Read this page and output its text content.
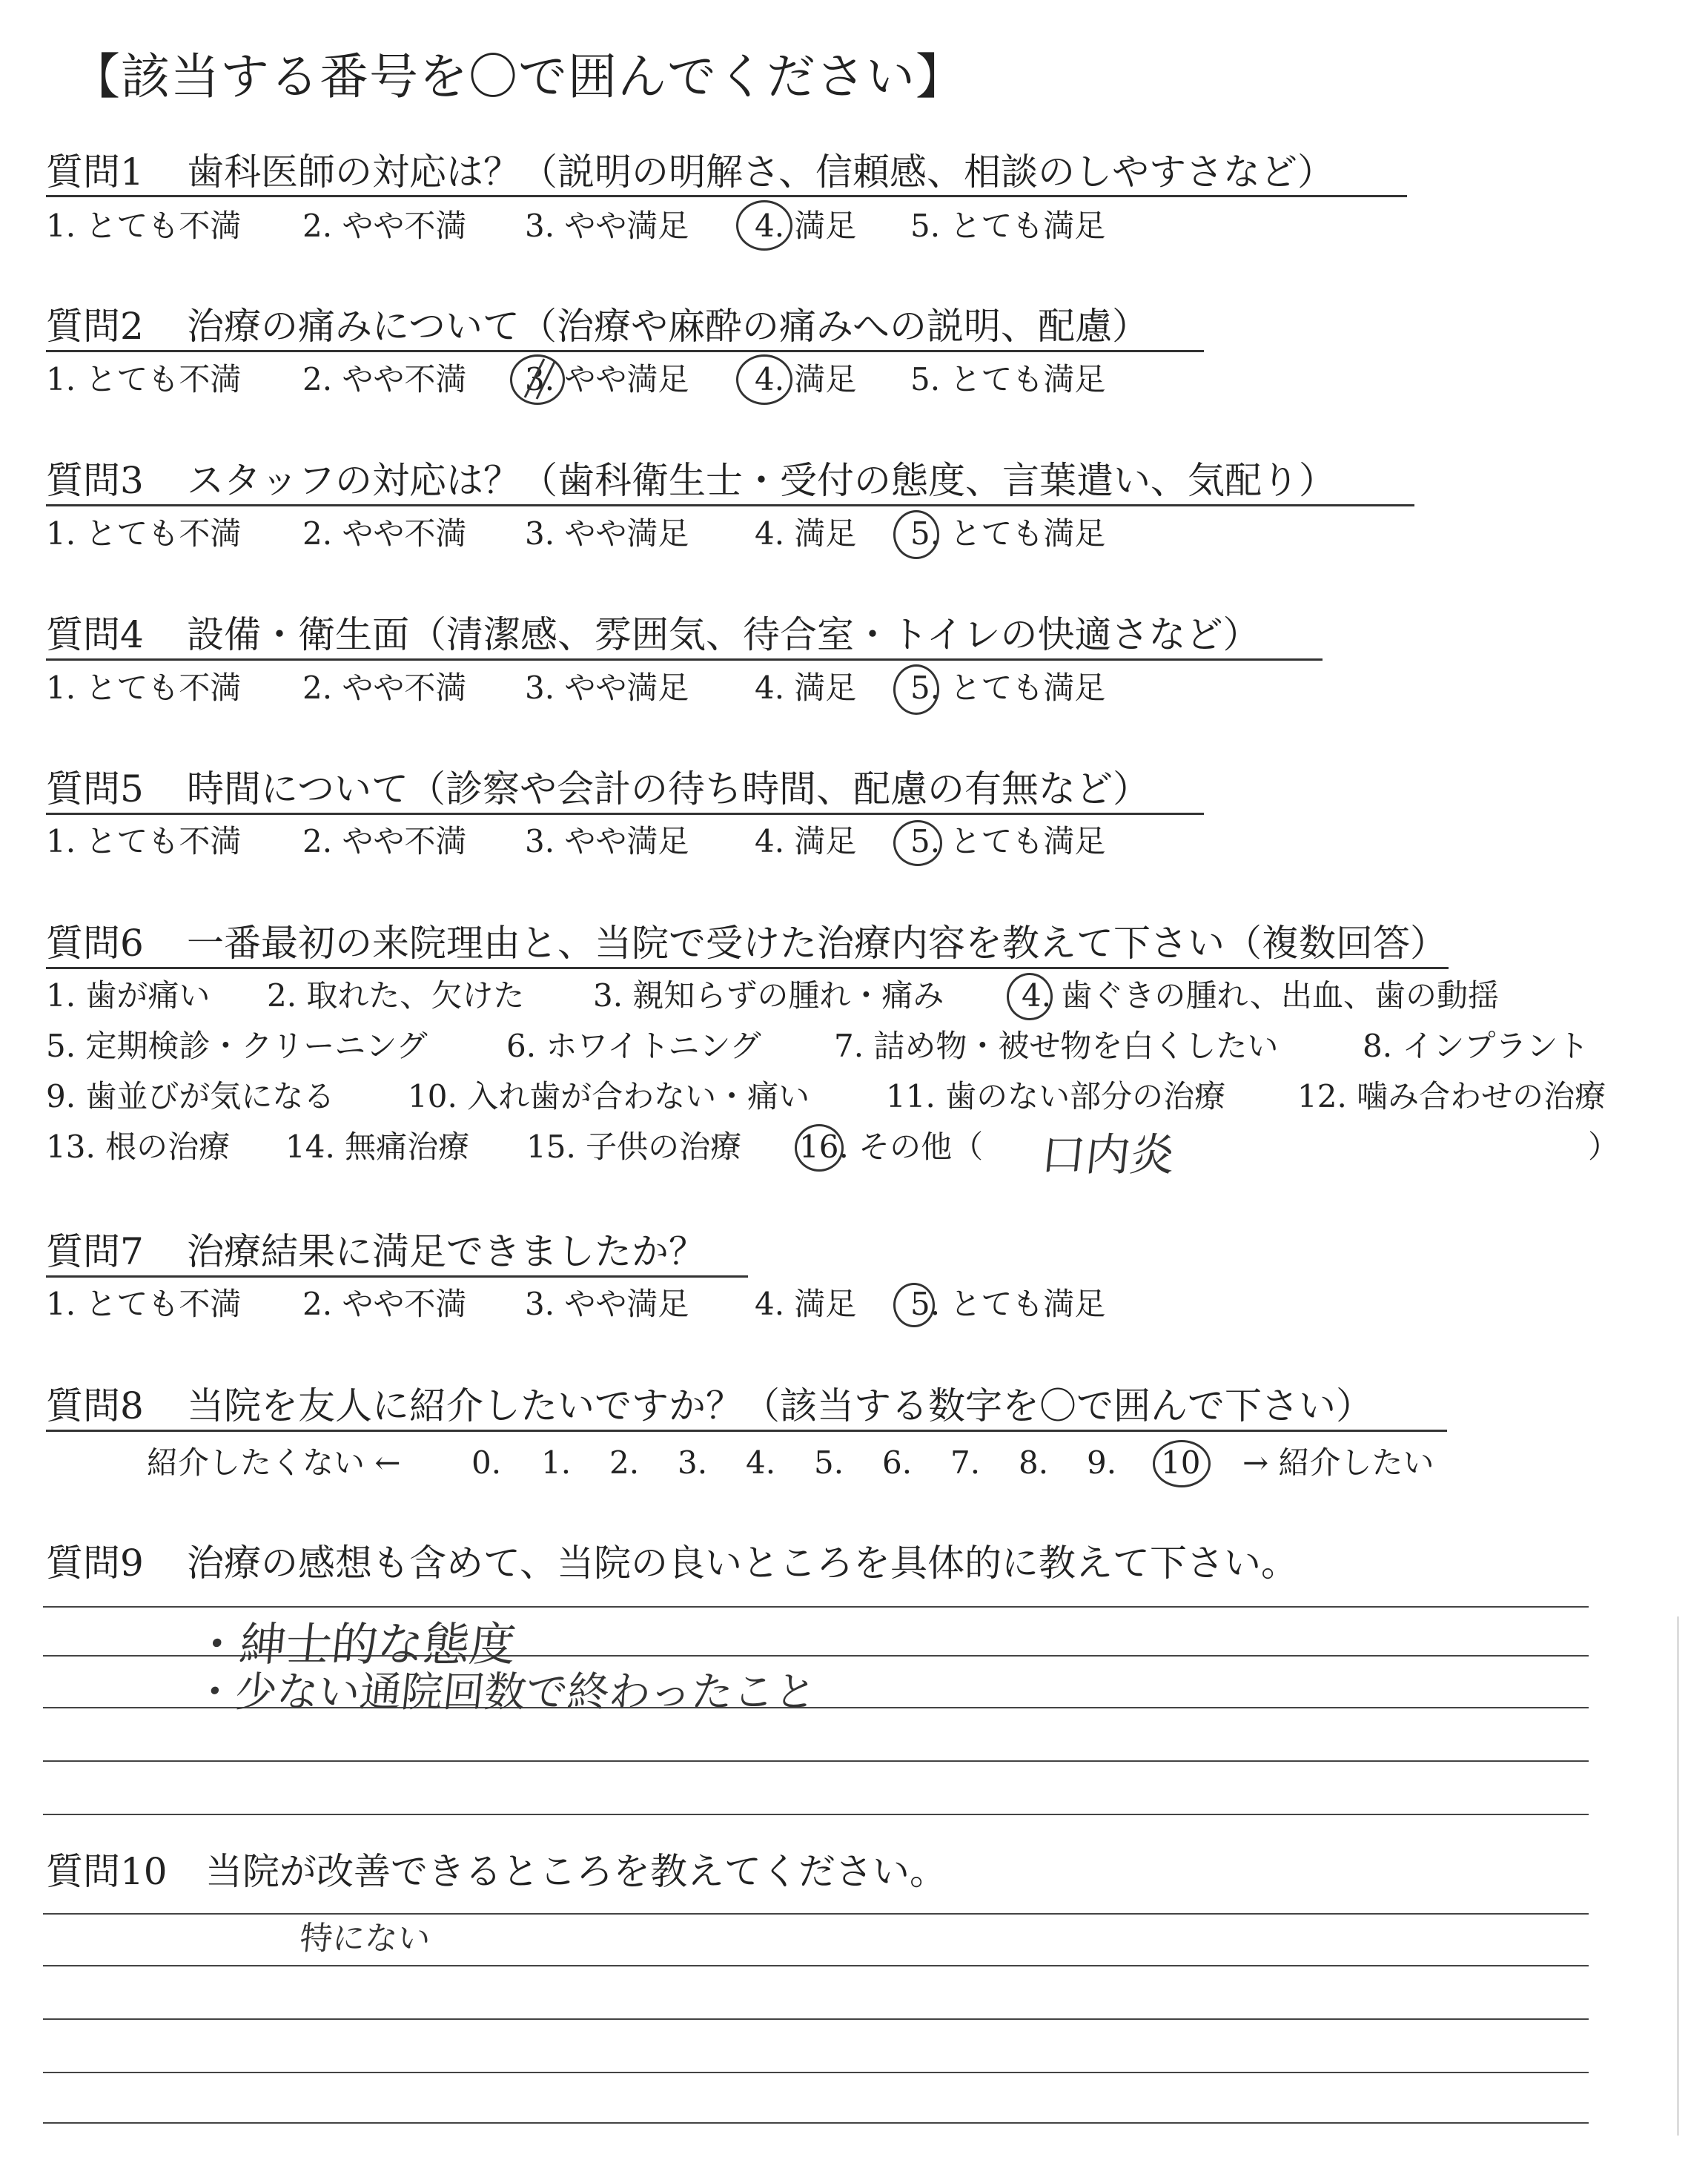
【該当する番号を〇で囲んでください】
質問1 歯科医師の対応は？（説明の明解さ、信頼感、相談のしやすさなど）
1. とても不満 2. やや不満 3. やや満足 4. 満足 5. とても満足
質問2 治療の痛みについて（治療や麻酔の痛みへの説明、配慮）
1. とても不満 2. やや不満 3. やや満足 4. 満足 5. とても満足
質問3 スタッフの対応は？（歯科衛生士・受付の態度、言葉遣い、気配り）
1. とても不満 2. やや不満 3. やや満足 4. 満足 5. とても満足
質問4 設備・衛生面（清潔感、雰囲気、待合室・トイレの快適さなど）
1. とても不満 2. やや不満 3. やや満足 4. 満足 5. とても満足
質問5 時間について（診察や会計の待ち時間、配慮の有無など）
1. とても不満 2. やや不満 3. やや満足 4. 満足 5. とても満足
質問6 一番最初の来院理由と、当院で受けた治療内容を教えて下さい（複数回答）
1. 歯が痛い 2. 取れた、欠けた 3. 親知らずの腫れ・痛み 4. 歯ぐきの腫れ、出血、歯の動揺
5. 定期検診・クリーニング	6. ホワイトニング 7. 詰め物・被せ物を白くしたい	8. インプラント
9. 歯並びが気になる 10. 入れ歯が合わない・痛い 11. 歯のない部分の治療 12. 噛み合わせの治療
13. 根の治療 14. 無痛治療 15. 子供の治療 16. その他（	）
口内炎
質問7 治療結果に満足できましたか？
1. とても不満 2. やや不満 3. やや満足 4. 満足 5. とても満足
質問8 当院を友人に紹介したいですか？（該当する数字を〇で囲んで下さい）
紹介したくない ← 0. 1. 2. 3. 4. 5. 6. 7. 8. 9. 10 → 紹介したい
質問9 治療の感想も含めて、当院の良いところを具体的に教えて下さい。
・紳士的な態度
・少ない通院回数で終わったこと
質問10 当院が改善できるところを教えてください。
特にない
